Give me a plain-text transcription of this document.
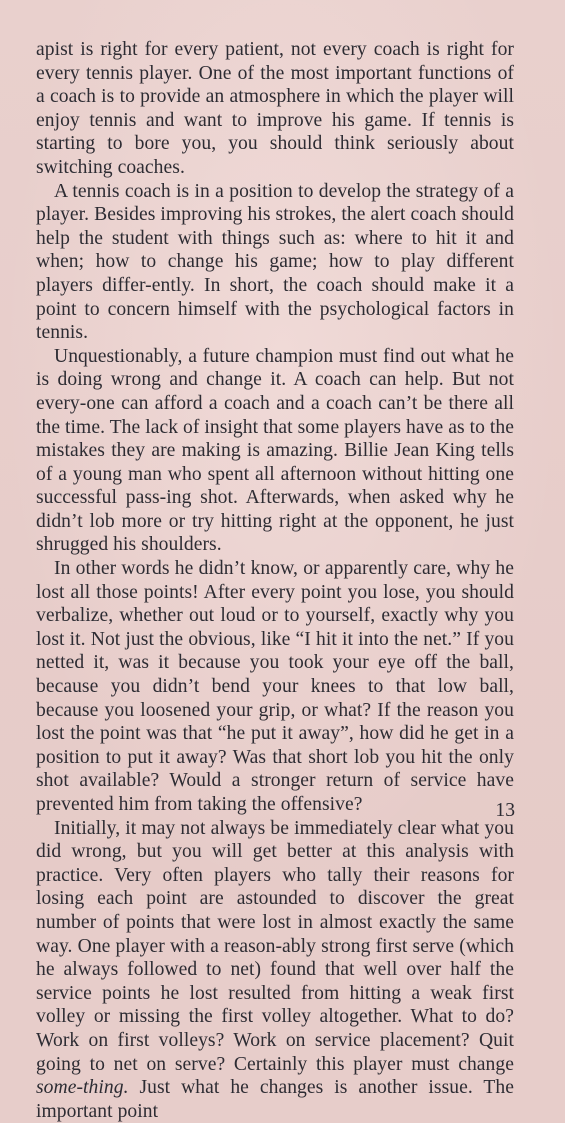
apist is right for every patient, not every coach is right for every tennis player. One of the most important functions of a coach is to provide an atmosphere in which the player will enjoy tennis and want to improve his game. If tennis is starting to bore you, you should think seriously about switching coaches.

A tennis coach is in a position to develop the strategy of a player. Besides improving his strokes, the alert coach should help the student with things such as: where to hit it and when; how to change his game; how to play different players differ-ently. In short, the coach should make it a point to concern himself with the psychological factors in tennis.

Unquestionably, a future champion must find out what he is doing wrong and change it. A coach can help. But not every-one can afford a coach and a coach can’t be there all the time. The lack of insight that some players have as to the mistakes they are making is amazing. Billie Jean King tells of a young man who spent all afternoon without hitting one successful pass-ing shot. Afterwards, when asked why he didn’t lob more or try hitting right at the opponent, he just shrugged his shoulders.

In other words he didn’t know, or apparently care, why he lost all those points! After every point you lose, you should verbalize, whether out loud or to yourself, exactly why you lost it. Not just the obvious, like “I hit it into the net.” If you netted it, was it because you took your eye off the ball, because you didn’t bend your knees to that low ball, because you loosened your grip, or what? If the reason you lost the point was that “he put it away”, how did he get in a position to put it away? Was that short lob you hit the only shot available? Would a stronger return of service have prevented him from taking the offensive?

Initially, it may not always be immediately clear what you did wrong, but you will get better at this analysis with practice. Very often players who tally their reasons for losing each point are astounded to discover the great number of points that were lost in almost exactly the same way. One player with a reason-ably strong first serve (which he always followed to net) found that well over half the service points he lost resulted from hitting a weak first volley or missing the first volley altogether. What to do? Work on first volleys? Work on service placement? Quit going to net on serve? Certainly this player must change some-thing. Just what he changes is another issue. The important point

13
